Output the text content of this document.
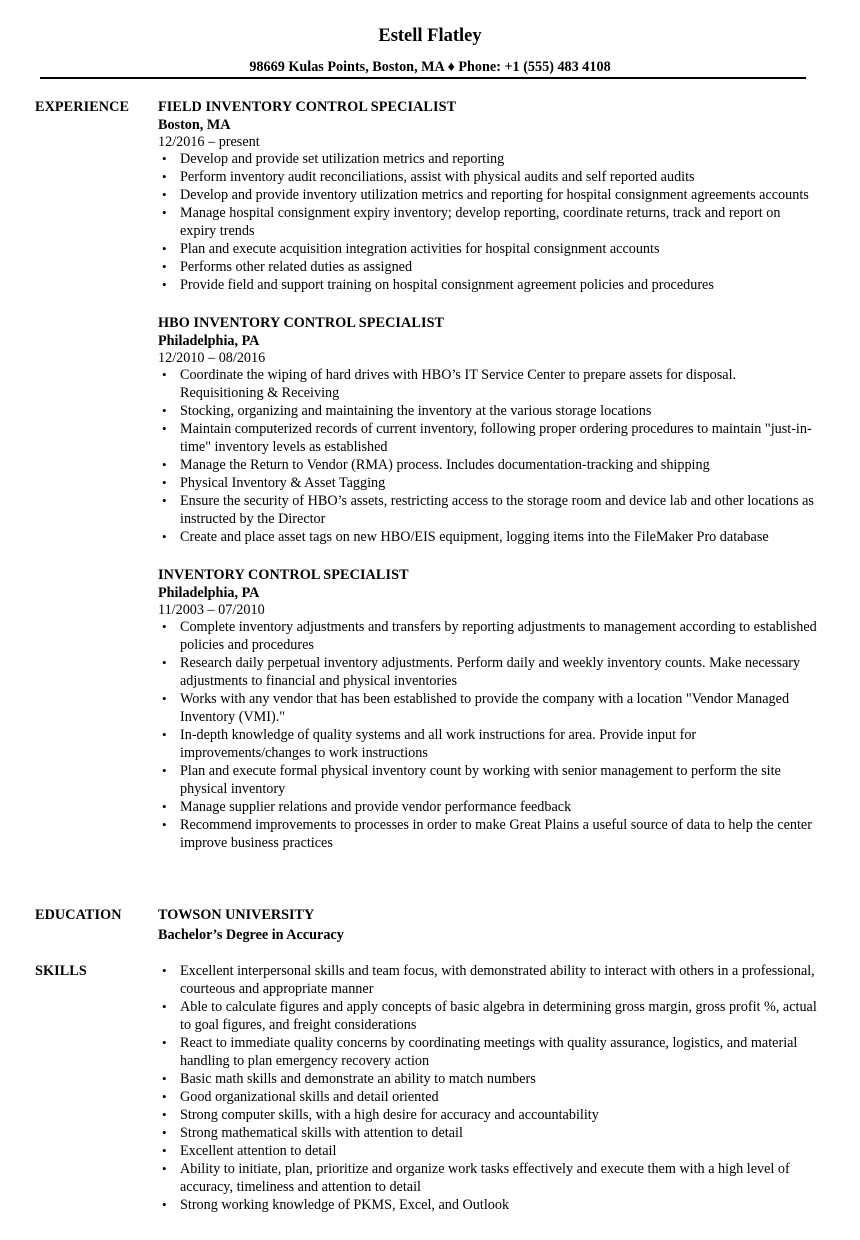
Estell Flatley
98669 Kulas Points, Boston, MA ♦ Phone: +1 (555) 483 4108
EXPERIENCE FIELD INVENTORY CONTROL SPECIALIST
Boston, MA
12/2016 – present
• Develop and provide set utilization metrics and reporting
• Perform inventory audit reconciliations, assist with physical audits and self reported audits
• Develop and provide inventory utilization metrics and reporting for hospital consignment agreements accounts
• Manage hospital consignment expiry inventory; develop reporting, coordinate returns, track and report on expiry trends
• Plan and execute acquisition integration activities for hospital consignment accounts
• Performs other related duties as assigned
• Provide field and support training on hospital consignment agreement policies and procedures
HBO INVENTORY CONTROL SPECIALIST
Philadelphia, PA
12/2010 – 08/2016
• Coordinate the wiping of hard drives with HBO’s IT Service Center to prepare assets for disposal. Requisitioning & Receiving
• Stocking, organizing and maintaining the inventory at the various storage locations
• Maintain computerized records of current inventory, following proper ordering procedures to maintain "just-in-time" inventory levels as established
• Manage the Return to Vendor (RMA) process. Includes documentation-tracking and shipping
• Physical Inventory & Asset Tagging
• Ensure the security of HBO’s assets, restricting access to the storage room and device lab and other locations as instructed by the Director
• Create and place asset tags on new HBO/EIS equipment, logging items into the FileMaker Pro database
INVENTORY CONTROL SPECIALIST
Philadelphia, PA
11/2003 – 07/2010
• Complete inventory adjustments and transfers by reporting adjustments to management according to established policies and procedures
• Research daily perpetual inventory adjustments. Perform daily and weekly inventory counts. Make necessary adjustments to financial and physical inventories
• Works with any vendor that has been established to provide the company with a location "Vendor Managed Inventory (VMI)."
• In-depth knowledge of quality systems and all work instructions for area. Provide input for improvements/changes to work instructions
• Plan and execute formal physical inventory count by working with senior management to perform the site physical inventory
• Manage supplier relations and provide vendor performance feedback
• Recommend improvements to processes in order to make Great Plains a useful source of data to help the center improve business practices
EDUCATION	TOWSON UNIVERSITY
Bachelor’s Degree in Accuracy
SKILLS
•	Excellent interpersonal skills and team focus, with demonstrated ability to interact with others in a professional, courteous and appropriate manner
• Able to calculate figures and apply concepts of basic algebra in determining gross margin, gross profit %, actual to goal figures, and freight considerations
• React to immediate quality concerns by coordinating meetings with quality assurance, logistics, and material handling to plan emergency recovery action
• Basic math skills and demonstrate an ability to match numbers
• Good organizational skills and detail oriented
• Strong computer skills, with a high desire for accuracy and accountability
• Strong mathematical skills with attention to detail
• Excellent attention to detail
• Ability to initiate, plan, prioritize and organize work tasks effectively and execute them with a high level of accuracy, timeliness and attention to detail
• Strong working knowledge of PKMS, Excel, and Outlook
